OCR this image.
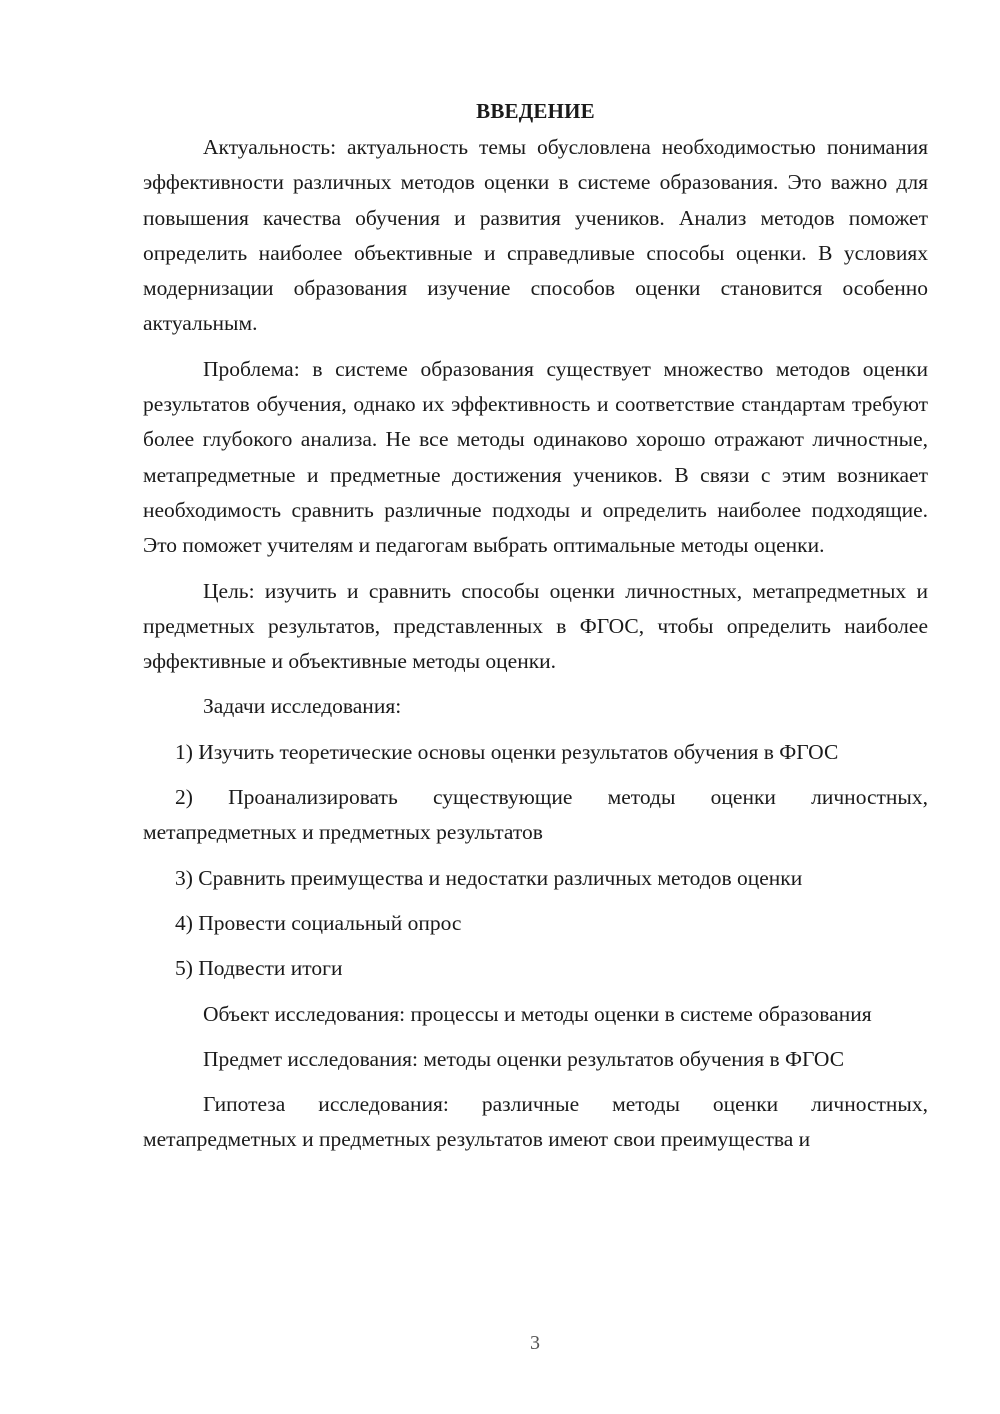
ВВЕДЕНИЕ

Актуальность: актуальность темы обусловлена необходимостью понимания эффективности различных методов оценки в системе образования. Это важно для повышения качества обучения и развития учеников. Анализ методов поможет определить наиболее объективные и справедливые способы оценки. В условиях модернизации образования изучение способов оценки становится особенно актуальным.

Проблема: в системе образования существует множество методов оценки результатов обучения, однако их эффективность и соответствие стандартам требуют более глубокого анализа. Не все методы одинаково хорошо отражают личностные, метапредметные и предметные достижения учеников. В связи с этим возникает необходимость сравнить различные подходы и определить наиболее подходящие. Это поможет учителям и педагогам выбрать оптимальные методы оценки.

Цель: изучить и сравнить способы оценки личностных, метапредметных и предметных результатов, представленных в ФГОС, чтобы определить наиболее эффективные и объективные методы оценки.

Задачи исследования:

1) Изучить теоретические основы оценки результатов обучения в ФГОС

2) Проанализировать существующие методы оценки личностных, метапредметных и предметных результатов

3) Сравнить преимущества и недостатки различных методов оценки

4) Провести социальный опрос

5) Подвести итоги

Объект исследования: процессы и методы оценки в системе образования

Предмет исследования: методы оценки результатов обучения в ФГОС

Гипотеза исследования: различные методы оценки личностных, метапредметных и предметных результатов имеют свои преимущества и

3
